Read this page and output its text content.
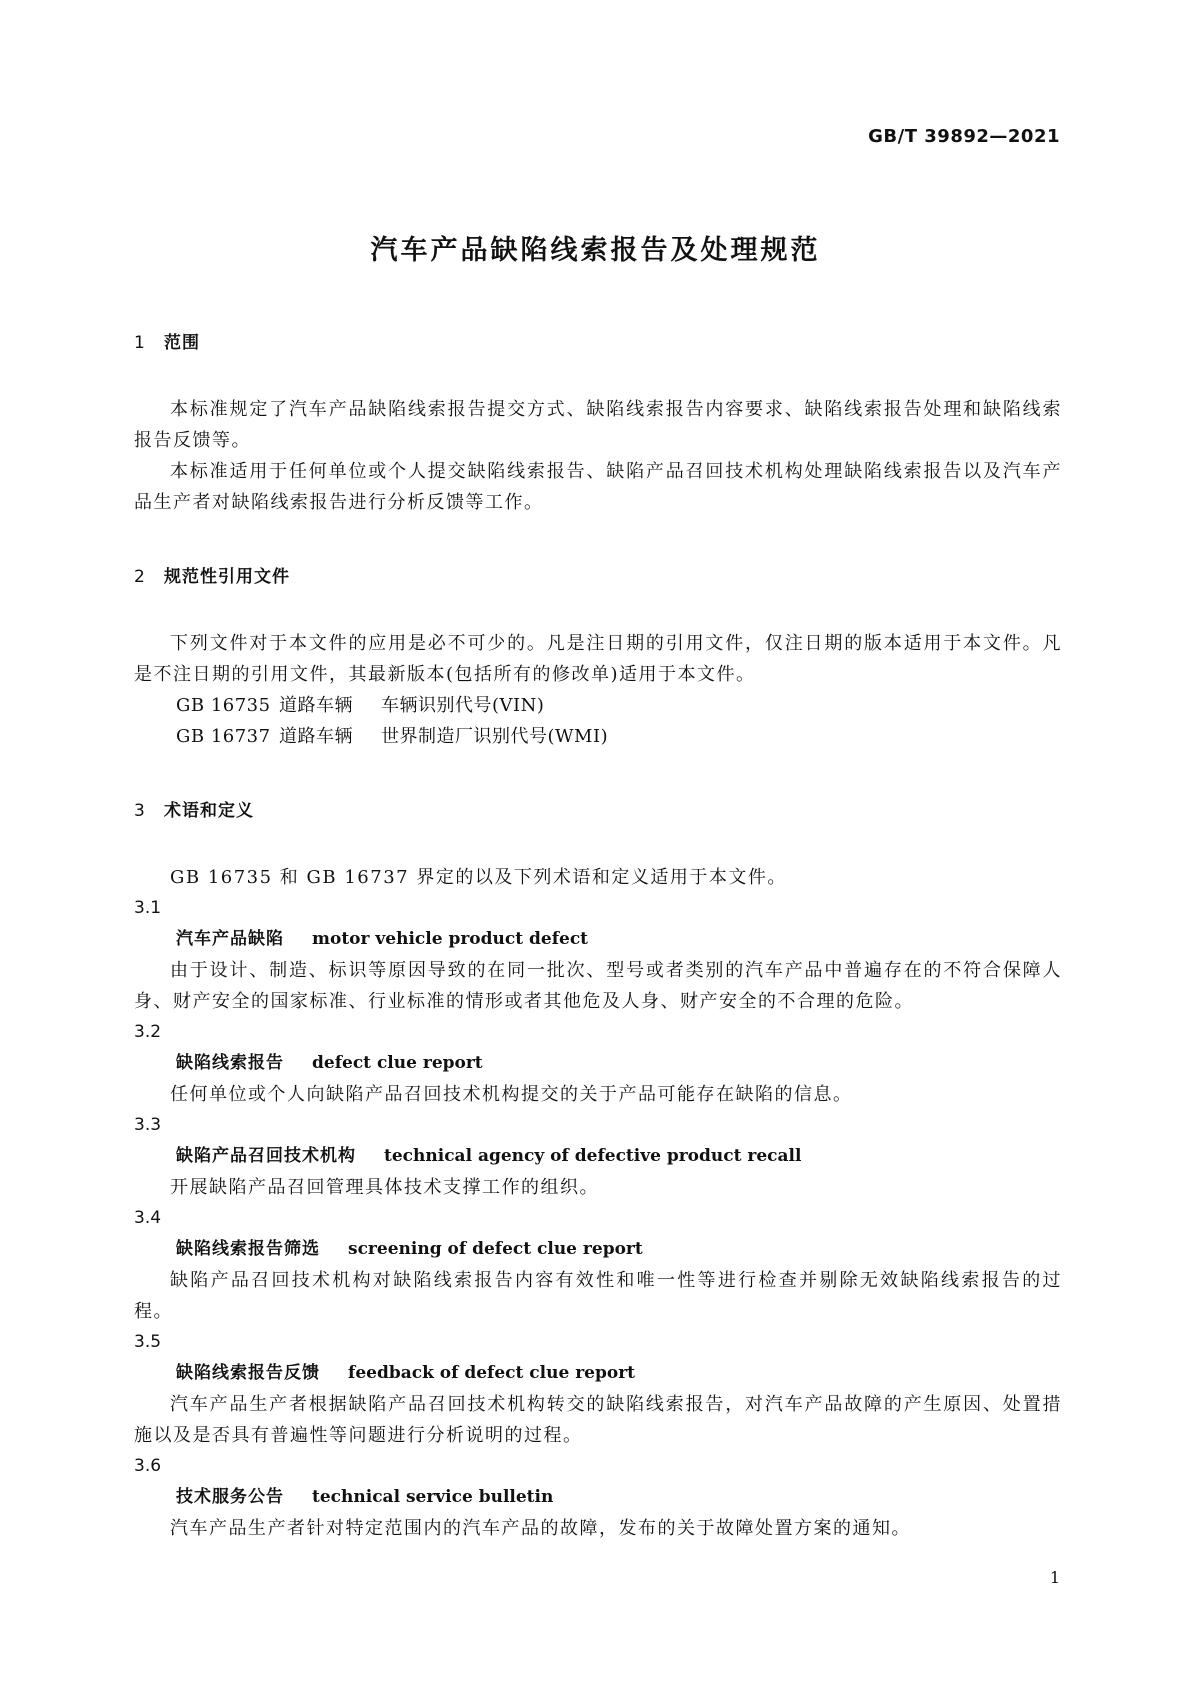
GB/T 39892—2021
汽车产品缺陷线索报告及处理规范
1 范围

本标准规定了汽车产品缺陷线索报告提交方式、缺陷线索报告内容要求、缺陷线索报告处理和缺陷线索报告反馈等。

本标准适用于任何单位或个人提交缺陷线索报告、缺陷产品召回技术机构处理缺陷线索报告以及汽车产品生产者对缺陷线索报告进行分析反馈等工作。

2 规范性引用文件

下列文件对于本文件的应用是必不可少的。凡是注日期的引用文件，仅注日期的版本适用于本文件。凡是不注日期的引用文件，其最新版本(包括所有的修改单)适用于本文件。

GB 16735 道路车辆 车辆识别代号(VIN)
GB 16737 道路车辆 世界制造厂识别代号(WMI)
3 术语和定义

GB 16735 和 GB 16737 界定的以及下列术语和定义适用于本文件。

3.1
汽车产品缺陷 motor vehicle product defect

由于设计、制造、标识等原因导致的在同一批次、型号或者类别的汽车产品中普遍存在的不符合保障人身、财产安全的国家标准、行业标准的情形或者其他危及人身、财产安全的不合理的危险。

3.2
缺陷线索报告 defect clue report

任何单位或个人向缺陷产品召回技术机构提交的关于产品可能存在缺陷的信息。

3.3
缺陷产品召回技术机构 technical agency of defective product recall

开展缺陷产品召回管理具体技术支撑工作的组织。

3.4
缺陷线索报告筛选 screening of defect clue report

缺陷产品召回技术机构对缺陷线索报告内容有效性和唯一性等进行检查并剔除无效缺陷线索报告的过程。

3.5
缺陷线索报告反馈 feedback of defect clue report

汽车产品生产者根据缺陷产品召回技术机构转交的缺陷线索报告，对汽车产品故障的产生原因、处置措施以及是否具有普遍性等问题进行分析说明的过程。

3.6
技术服务公告 technical service bulletin

汽车产品生产者针对特定范围内的汽车产品的故障，发布的关于故障处置方案的通知。

1
